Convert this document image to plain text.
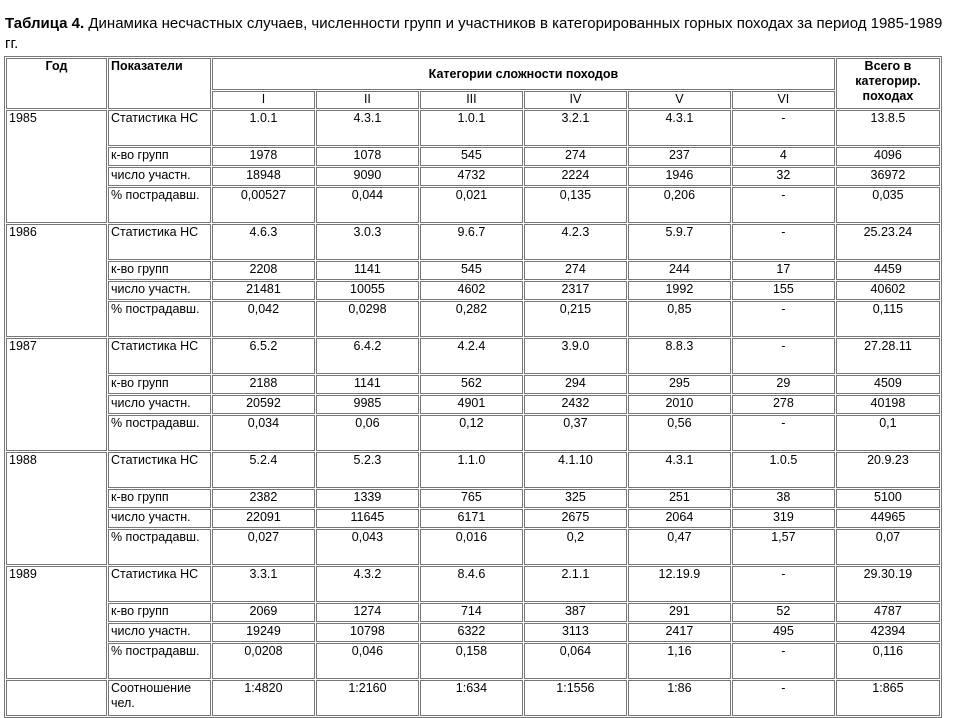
Таблица 4. Динамика несчастных случаев, численности групп и участников в категорированных горных походах за период 1985-1989 гг.
Год	Показатели	Категории сложности походов						Всего в категорир. походах
		I	II	III	IV	V	VI	
1985	Статистика НС	1.0.1	4.3.1	1.0.1	3.2.1	4.3.1	-	13.8.5
	к-во групп	1978	1078	545	274	237	4	4096
	число участн.	18948	9090	4732	2224	1946	32	36972
	% пострадавш.	0,00527	0,044	0,021	0,135	0,206	-	0,035
1986	Статистика НС	4.6.3	3.0.3	9.6.7	4.2.3	5.9.7	-	25.23.24
	к-во групп	2208	1141	545	274	244	17	4459
	число участн.	21481	10055	4602	2317	1992	155	40602
	% пострадавш.	0,042	0,0298	0,282	0,215	0,85	-	0,115
1987	Статистика НС	6.5.2	6.4.2	4.2.4	3.9.0	8.8.3	-	27.28.11
	к-во групп	2188	1141	562	294	295	29	4509
	число участн.	20592	9985	4901	2432	2010	278	40198
	% пострадавш.	0,034	0,06	0,12	0,37	0,56	-	0,1
1988	Статистика НС	5.2.4	5.2.3	1.1.0	4.1.10	4.3.1	1.0.5	20.9.23
	к-во групп	2382	1339	765	325	251	38	5100
	число участн.	22091	11645	6171	2675	2064	319	44965
	% пострадавш.	0,027	0,043	0,016	0,2	0,47	1,57	0,07
1989	Статистика НС	3.3.1	4.3.2	8.4.6	2.1.1	12.19.9	-	29.30.19
	к-во групп	2069	1274	714	387	291	52	4787
	число участн.	19249	10798	6322	3113	2417	495	42394
	% пострадавш.	0,0208	0,046	0,158	0,064	1,16	-	0,116
	Соотношение чел.	1:4820	1:2160	1:634	1:1556	1:86	-	1:865
